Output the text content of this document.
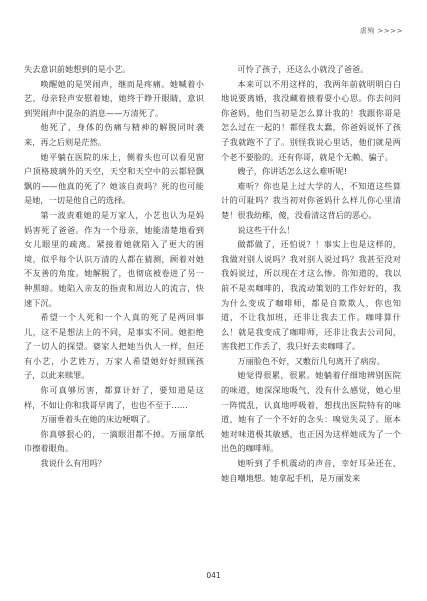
虐殉 >>>>

失去意识前她想到的是小艺。

唤醒她的是哭闹声，继而是疼痛。她喊着小艺，母亲轻声安慰着她，她终于睁开眼睛，意识到哭闹声中混杂的消息——万清死了。

他死了，身体的伤痛与精神的解脱同时袭来，再之后则是茫然。

她平躺在医院的床上，侧着头也可以看见窗户顶格玻璃外的天空，天空和天空中的云都轻飘飘的——他真的死了？她该自责吗？死的也可能是她，一切是他自己的选择。

第一波责难她的是万家人，小艺也认为是妈妈害死了爸爸。作为一个母亲，她能清楚地看到女儿眼里的疏离。紧接着她就陷入了更大的困境，似乎每个认识万清的人都在猜测，顾着对她不友善的角度。她解脱了，也彻底被卷进了另一种黑暗。她陷入亲友的指责和周边人的流言，快速下沉。

希望一个人死和一个人真的死了是两回事儿，这不是想法上的不同，是事实不同。她拒绝了一切人的探望。婆家人把她当仇人一样，但还有小艺，小艺姓万，万家人希望她好好照顾孩子，以此来赎罪。

你可真够厉害，都算计好了，要知道是这样，不如让你和我哥早离了，也也不至于……

万丽垂着头在她的床边哽咽了。

你真够狠心的，一滴眼泪都不掉。万丽拿纸巾擦着眼角。

我说什么有用吗？

可怜了孩子，还这么小就没了爸爸。

本来可以不用这样的，我两年前就明明白白地说要离婚，我没藏着掖着耍小心思。你去问问你爸妈，他们当初是怎么算计我的！我跟你哥是怎么过在一起的！都怪我太蠢，你爸妈说怀了孩子我就跑不了了。别怪我说心里话，他们就是两个老不要脸的。还有你哥，就是个无赖、骗子。

嫂子，你讲话怎么这么难听呢!

难听？你也是上过大学的人，不知道这些算计的可耻吗？我当初对你爸妈什么样儿你心里清楚！很我幼稚，傻，没看清这背后的恶心。

说这些干什么！

做都做了，还怕说？！事实上也是这样的，我做对别人说吗？我对别人说过吗？我甚至没对我妈说过，所以现在才这么惨。你知道的，我以前不是卖咖啡的，我流动策划的工作好好的，我为什么变成了咖啡师，都是自欺欺人，你也知道，不让我加班，还非让我去工作。咖啡算什么！就是我变成了咖啡师，还非让我去公司间，害我把工作丢了，我只好去卖咖啡了。

万丽脸色不好，又敷衍几句离开了病房。

她觉得很累，很累。她躺着仔细地辨别医院的味道，她深深地吸气，没有什么感觉，她心里一阵慌乱，认真地呼吸着，想找出医院特有的味道，她有了一个不好的念头：嗅觉失灵了。原本她对味道极其敏感，也正因为这样她成为了一个出色的咖啡师。

她听到了手机震动的声音，幸好耳朵还在，她自嘲地想。她拿起手机，是万丽发来

041
